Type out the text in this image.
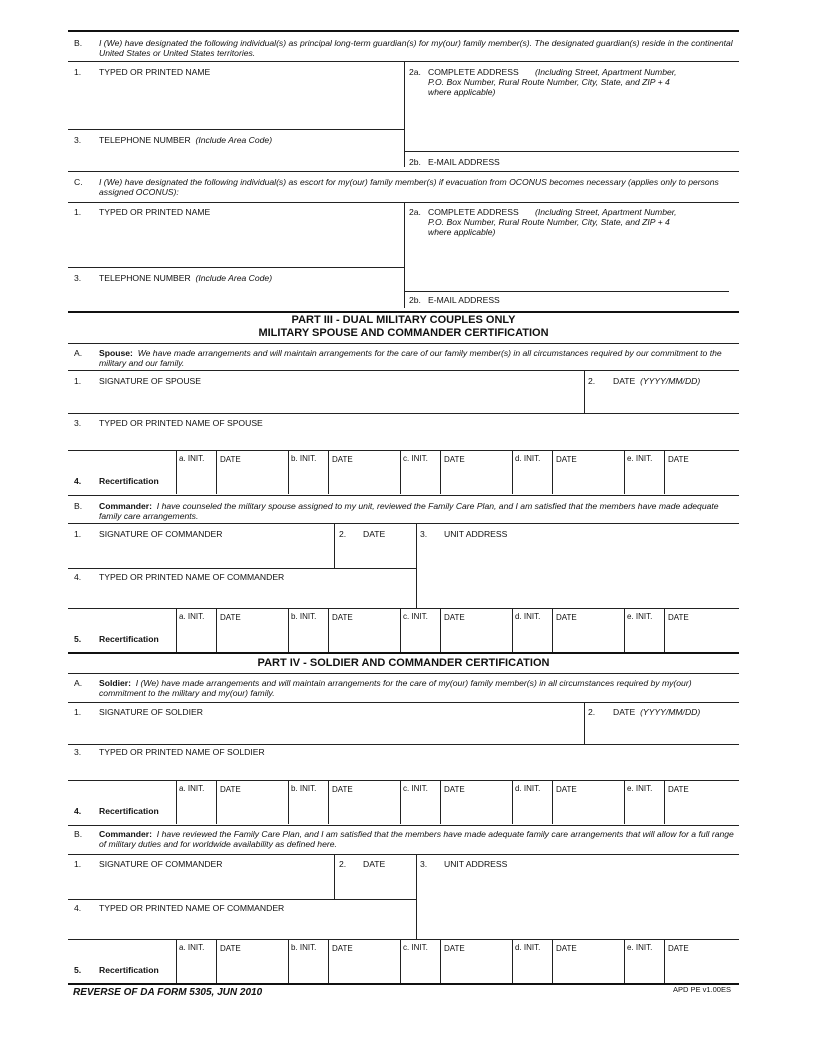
B. I (We) have designated the following individual(s) as principal long-term guardian(s) for my(our) family member(s). The designated guardian(s) reside in the continental United States or United States territories.
1. TYPED OR PRINTED NAME	2a. COMPLETE ADDRESS (Including Street, Apartment Number,
P.O. Box Number, Rural Route Number, City, State, and ZIP + 4
where applicable)
3. TELEPHONE NUMBER (Include Area Code)
2b. E-MAIL ADDRESS
C. I (We) have designated the following individual(s) as escort for my(our) family member(s) if evacuation from OCONUS becomes necessary (applies only to persons assigned OCONUS):
1. TYPED OR PRINTED NAME	2a. COMPLETE ADDRESS (Including Street, Apartment Number,
P.O. Box Number, Rural Route Number, City, State, and ZIP + 4
where applicable)
3. TELEPHONE NUMBER (Include Area Code)
2b. E-MAIL ADDRESS
PART III - DUAL MILITARY COUPLES ONLY
MILITARY SPOUSE AND COMMANDER CERTIFICATION
A. Spouse: We have made arrangements and will maintain arrangements for the care of our family member(s) in all circumstances required by our commitment to the military and our family.
1. SIGNATURE OF SPOUSE	2. DATE (YYYY/MM/DD)
3. TYPED OR PRINTED NAME OF SPOUSE
B. Commander: I have counseled the military spouse assigned to my unit, reviewed the Family Care Plan, and I am satisfied that the members have made adequate family care arrangements.
1. SIGNATURE OF COMMANDER	2. DATE	3. UNIT ADDRESS
4. TYPED OR PRINTED NAME OF COMMANDER
PART IV - SOLDIER AND COMMANDER CERTIFICATION
A. Soldier: I (We) have made arrangements and will maintain arrangements for the care of my(our) family member(s) in all circumstances required by my(our) commitment to the military and my(our) family.
1. SIGNATURE OF SOLDIER	2. DATE (YYYY/MM/DD)
3. TYPED OR PRINTED NAME OF SOLDIER
B. Commander: I have reviewed the Family Care Plan, and I am satisfied that the members have made adequate family care arrangements that will allow for a full range of military duties and for worldwide availability as defined here.
1. SIGNATURE OF COMMANDER	2. DATE	3. UNIT ADDRESS
4. TYPED OR PRINTED NAME OF COMMANDER
4. Recertification
a. INIT. DATE	b. INIT. DATE	c. INIT. DATE	d. INIT. DATE	e. INIT. DATE
5. Recertification
a. INIT. DATE	b. INIT. DATE	c. INIT. DATE	d. INIT. DATE	e. INIT. DATE
4. Recertification
a. INIT. DATE	b. INIT. DATE	c. INIT. DATE	d. INIT. DATE	e. INIT. DATE
5. Recertification
a. INIT. DATE	b. INIT. DATE	c. INIT. DATE	d. INIT. DATE	e. INIT. DATE
APD PE v1.00ES
REVERSE OF DA FORM 5305, JUN 2010
